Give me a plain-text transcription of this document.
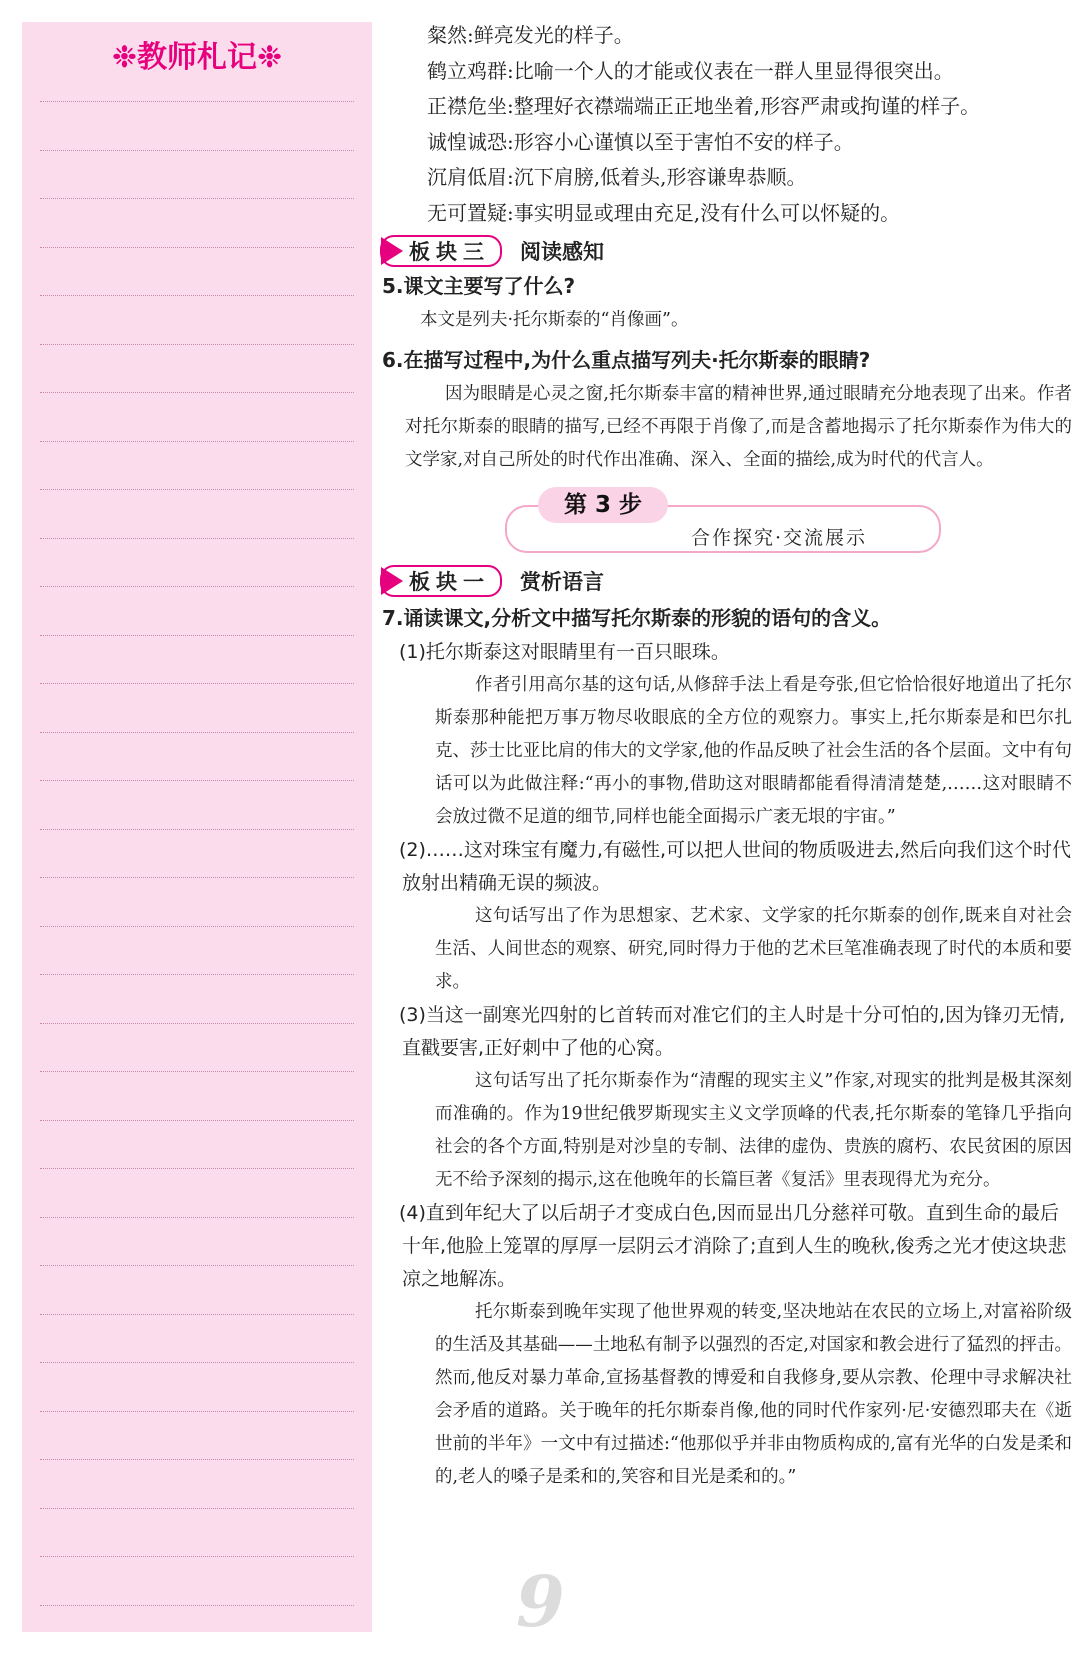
❉教师札记❉
9
粲然:鲜亮发光的样子。
鹤立鸡群:比喻一个人的才能或仪表在一群人里显得很突出。
正襟危坐:整理好衣襟端端正正地坐着,形容严肃或拘谨的样子。
诚惶诚恐:形容小心谨慎以至于害怕不安的样子。
沉肩低眉:沉下肩膀,低着头,形容谦卑恭顺。
无可置疑:事实明显或理由充足,没有什么可以怀疑的。
板块三 阅读感知
5.课文主要写了什么?
本文是列夫·托尔斯泰的“肖像画”。
6.在描写过程中,为什么重点描写列夫·托尔斯泰的眼睛?
因为眼睛是心灵之窗,托尔斯泰丰富的精神世界,通过眼睛充分地表现了出来。作者对托尔斯泰的眼睛的描写,已经不再限于肖像了,而是含蓄地揭示了托尔斯泰作为伟大的文学家,对自己所处的时代作出准确、深入、全面的描绘,成为时代的代言人。
第 3 步
合作探究·交流展示
板块一 赏析语言
7.诵读课文,分析文中描写托尔斯泰的形貌的语句的含义。
(1)托尔斯泰这对眼睛里有一百只眼珠。
作者引用高尔基的这句话,从修辞手法上看是夸张,但它恰恰很好地道出了托尔斯泰那种能把万事万物尽收眼底的全方位的观察力。事实上,托尔斯泰是和巴尔扎克、莎士比亚比肩的伟大的文学家,他的作品反映了社会生活的各个层面。文中有句话可以为此做注释:“再小的事物,借助这对眼睛都能看得清清楚楚,……这对眼睛不会放过微不足道的细节,同样也能全面揭示广袤无垠的宇宙。”
(2)……这对珠宝有魔力,有磁性,可以把人世间的物质吸进去,然后向我们这个时代放射出精确无误的频波。
这句话写出了作为思想家、艺术家、文学家的托尔斯泰的创作,既来自对社会生活、人间世态的观察、研究,同时得力于他的艺术巨笔准确表现了时代的本质和要求。
(3)当这一副寒光四射的匕首转而对准它们的主人时是十分可怕的,因为锋刃无情,直戳要害,正好刺中了他的心窝。
这句话写出了托尔斯泰作为“清醒的现实主义”作家,对现实的批判是极其深刻而准确的。作为19世纪俄罗斯现实主义文学顶峰的代表,托尔斯泰的笔锋几乎指向社会的各个方面,特别是对沙皇的专制、法律的虚伪、贵族的腐朽、农民贫困的原因无不给予深刻的揭示,这在他晚年的长篇巨著《复活》里表现得尤为充分。
(4)直到年纪大了以后胡子才变成白色,因而显出几分慈祥可敬。直到生命的最后十年,他脸上笼罩的厚厚一层阴云才消除了;直到人生的晚秋,俊秀之光才使这块悲凉之地解冻。
托尔斯泰到晚年实现了他世界观的转变,坚决地站在农民的立场上,对富裕阶级的生活及其基础——土地私有制予以强烈的否定,对国家和教会进行了猛烈的抨击。然而,他反对暴力革命,宣扬基督教的博爱和自我修身,要从宗教、伦理中寻求解决社会矛盾的道路。关于晚年的托尔斯泰肖像,他的同时代作家列·尼·安德烈耶夫在《逝世前的半年》一文中有过描述:“他那似乎并非由物质构成的,富有光华的白发是柔和的,老人的嗓子是柔和的,笑容和目光是柔和的。”
